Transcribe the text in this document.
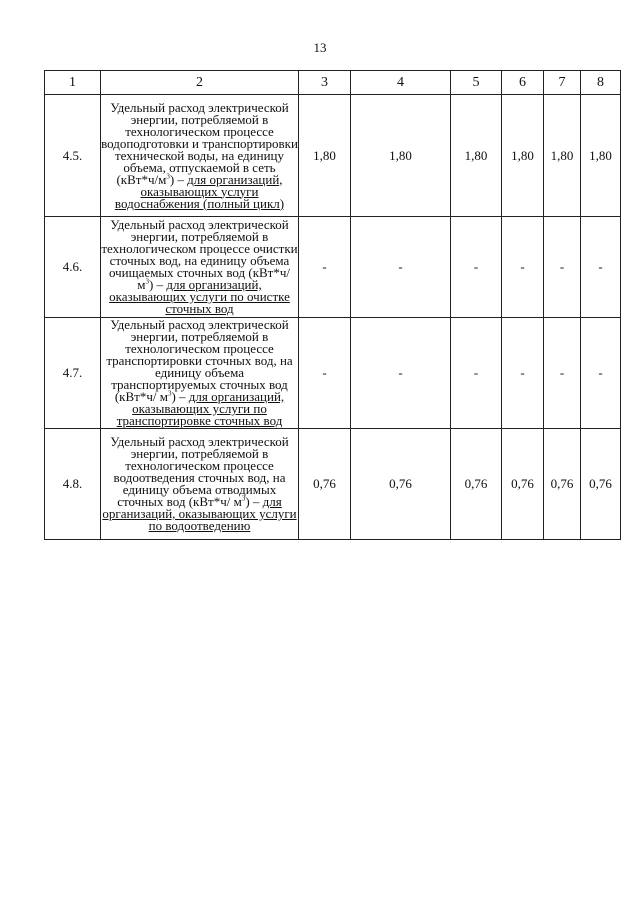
13
1	2	3	4	5	6	7	8
4.5.	Удельный расход электрической энергии, потребляемой в технологическом процессе водоподготовки и транспортировки технической воды, на единицу объема, отпускаемой в сеть $(кВт*ч/м^3)$ – для организаций, оказывающих услуги водоснабжения (полный цикл)	1,80	1,80	1,80	1,80	1,80	1,80
4.6.	Удельный расход электрической энергии, потребляемой в технологическом процессе очистки сточных вод, на единицу объема очищаемых сточных вод (кВт*ч/ $м^3$) – для организаций, оказывающих услуги по очистке сточных вод	-	-	-	-	-	-
4.7.	Удельный расход электрической энергии, потребляемой в технологическом процессе транспортировки сточных вод, на единицу объема транспортируемых сточных вод (кВт*ч/ $м^3$) – для организаций, оказывающих услуги по транспортировке сточных вод	-	-	-	-	-	-
4.8.	Удельный расход электрической энергии, потребляемой в технологическом процессе водоотведения сточных вод, на единицу объема отводимых сточных вод (кВт*ч/ $м^3$) – для организаций, оказывающих услуги по водоотведению	0,76	0,76	0,76	0,76	0,76	0,76
